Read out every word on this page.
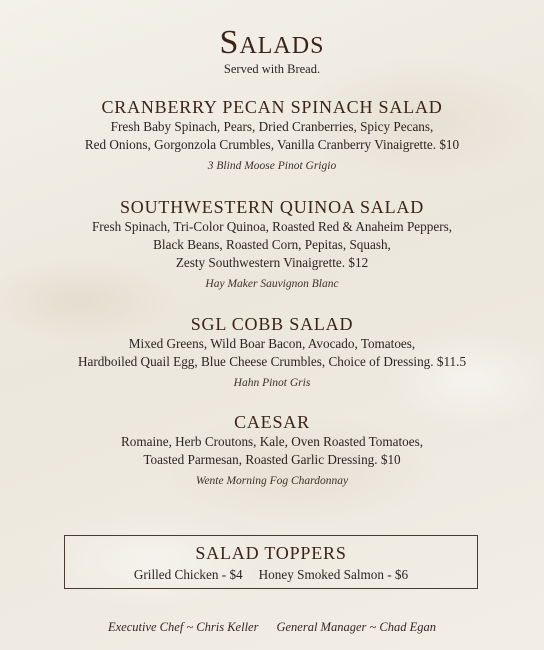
Salads
Served with Bread.
CRANBERRY PECAN SPINACH SALAD
Fresh Baby Spinach, Pears, Dried Cranberries, Spicy Pecans,
Red Onions, Gorgonzola Crumbles, Vanilla Cranberry Vinaigrette. $10
3 Blind Moose Pinot Grigio
SOUTHWESTERN QUINOA SALAD
Fresh Spinach, Tri-Color Quinoa, Roasted Red & Anaheim Peppers,
Black Beans, Roasted Corn, Pepitas, Squash,
Zesty Southwestern Vinaigrette. $12
Hay Maker Sauvignon Blanc
SGL COBB SALAD
Mixed Greens, Wild Boar Bacon, Avocado, Tomatoes,
Hardboiled Quail Egg, Blue Cheese Crumbles, Choice of Dressing. $11.5
Hahn Pinot Gris
CAESAR
Romaine, Herb Croutons, Kale, Oven Roasted Tomatoes,
Toasted Parmesan, Roasted Garlic Dressing. $10
Wente Morning Fog Chardonnay
SALAD TOPPERS
Grilled Chicken - $4 Honey Smoked Salmon - $6
Executive Chef ~ Chris Keller General Manager ~ Chad Egan
